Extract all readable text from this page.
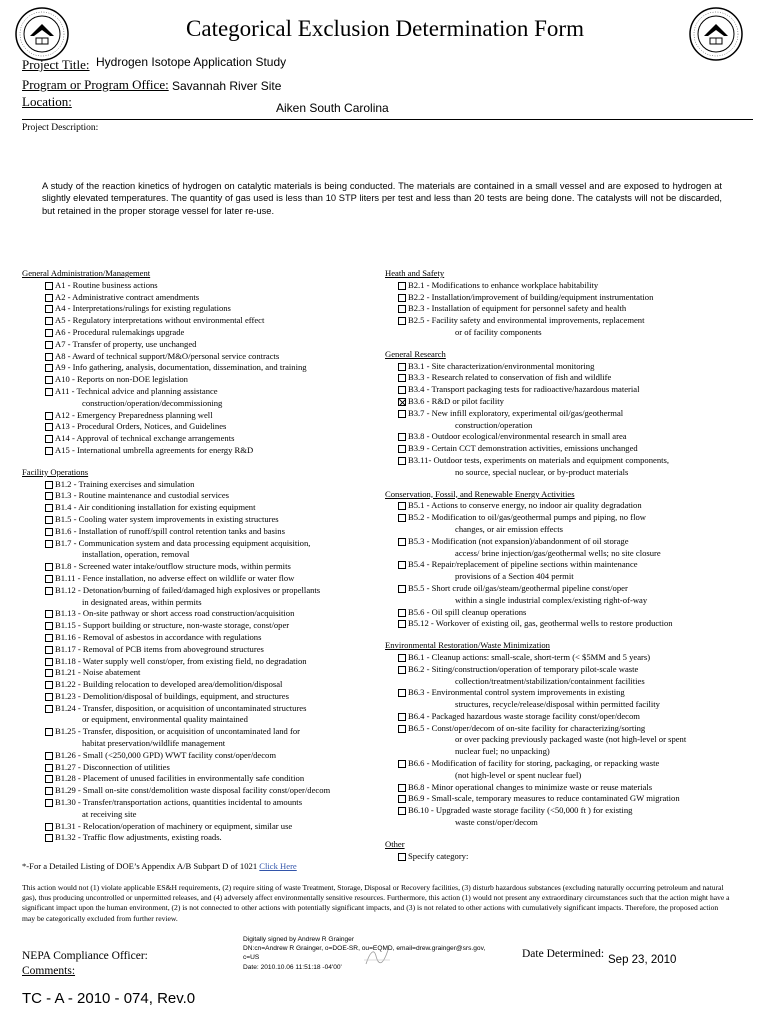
Categorical Exclusion Determination Form
Project Title: Hydrogen Isotope Application Study
Program or Program Office: Savannah River Site
Location:	Aiken South Carolina
Project Description:
A study of the reaction kinetics of hydrogen on catalytic materials is being conducted. The materials are contained in a small vessel and are exposed to hydrogen at slightly elevated temperatures. The quantity of gas used is less than 10 STP liters per test and less than 20 tests are being done. The catalysts will not be discarded, but retained in the proper storage vessel for later re-use.
General Administration/Management
A1 - Routine business actions
A2 - Administrative contract amendments
A4 - Interpretations/rulings for existing regulations
A5 - Regulatory interpretations without environmental effect
A6 - Procedural rulemakings upgrade
A7 - Transfer of property, use unchanged
A8 - Award of technical support/M&O/personal service contracts
A9 - Info gathering, analysis, documentation, dissemination, and training
A10 - Reports on non-DOE legislation
A11 - Technical advice and planning assistance
construction/operation/decommissioning
A12 - Emergency Preparedness planning well
A13 - Procedural Orders, Notices, and Guidelines
A14 - Approval of technical exchange arrangements
A15 - International umbrella agreements for energy R&D
Facility Operations
B1.2 - Training exercises and simulation
B1.3 - Routine maintenance and custodial services
B1.4 - Air conditioning installation for existing equipment
B1.5 - Cooling water system improvements in existing structures
B1.6 - Installation of runoff/spill control retention tanks and basins
B1.7 - Communication system and data processing equipment acquisition,
installation, operation, removal
B1.8 - Screened water intake/outflow structure mods, within permits
B1.11 - Fence installation, no adverse effect on wildlife or water flow
B1.12 - Detonation/burning of failed/damaged high explosives or propellants
in designated areas, within permits
B1.13 - On-site pathway or short access road construction/acquisition
B1.15 - Support building or structure, non-waste storage, const/oper
B1.16 - Removal of asbestos in accordance with regulations
B1.17 - Removal of PCB items from aboveground structures
B1.18 - Water supply well const/oper, from existing field, no degradation
B1.21 - Noise abatement
B1.22 - Building relocation to developed area/demolition/disposal
B1.23 - Demolition/disposal of buildings, equipment, and structures
B1.24 - Transfer, disposition, or acquisition of uncontaminated structures
or equipment, environmental quality maintained
B1.25 - Transfer, disposition, or acquisition of uncontaminated land for
habitat preservation/wildlife management
B1.26 - Small (<250,000 GPD) WWT facility const/oper/decom
B1.27 - Disconnection of utilities
B1.28 - Placement of unused facilities in environmentally safe condition
B1.29 - Small on-site const/demolition waste disposal facility const/oper/decom
B1.30 - Transfer/transportation actions, quantities incidental to amounts
at receiving site
B1.31 - Relocation/operation of machinery or equipment, similar use
B1.32 - Traffic flow adjustments, existing roads.
Heath and Safety
B2.1 - Modifications to enhance workplace habitability
B2.2 - Installation/improvement of building/equipment instrumentation
B2.3 - Installation of equipment for personnel safety and health
B2.5 - Facility safety and environmental improvements, replacement
or of facility components
General Research
B3.1 - Site characterization/environmental monitoring
B3.3 - Research related to conservation of fish and wildlife
B3.4 - Transport packaging tests for radioactive/hazardous material
B3.6 - R&D or pilot facility
B3.7 - New infill exploratory, experimental oil/gas/geothermal
construction/operation
B3.8 - Outdoor ecological/environmental research in small area
B3.9 - Certain CCT demonstration activities, emissions unchanged
B3.11- Outdoor tests, experiments on materials and equipment components,
no source, special nuclear, or by-product materials
Conservation, Fossil, and Renewable Energy Activities
B5.1 - Actions to conserve energy, no indoor air quality degradation
B5.2 - Modification to oil/gas/geothermal pumps and piping, no flow
changes, or air emission effects
B5.3 - Modification (not expansion)/abandonment of oil storage
access/ brine injection/gas/geothermal wells; no site closure
B5.4 - Repair/replacement of pipeline sections within maintenance
provisions of a Section 404 permit
B5.5 - Short crude oil/gas/steam/geothermal pipeline const/oper
within a single industrial complex/existing right-of-way
B5.6 - Oil spill cleanup operations
B5.12 - Workover of existing oil, gas, geothermal wells to restore production
Environmental Restoration/Waste Minimization
B6.1 - Cleanup actions: small-scale, short-term (< $5MM and 5 years)
B6.2 - Siting/construction/operation of temporary pilot-scale waste
collection/treatment/stabilization/containment facilities
B6.3 - Environmental control system improvements in existing
structures, recycle/release/disposal within permitted facility
B6.4 - Packaged hazardous waste storage facility const/oper/decom
B6.5 - Const/oper/decom of on-site facility for characterizing/sorting
or over packing previously packaged waste (not high-level or spent
nuclear fuel; no unpacking)
B6.6 - Modification of facility for storing, packaging, or repacking waste
(not high-level or spent nuclear fuel)
B6.8 - Minor operational changes to minimize waste or reuse materials
B6.9 - Small-scale, temporary measures to reduce contaminated GW migration
B6.10 - Upgraded waste storage facility (<50,000 ft ) for existing
waste const/oper/decom
Other
Specify category:
*-For a Detailed Listing of DOE’s Appendix A/B Subpart D of 1021 Click Here
This action would not (1) violate applicable ES&H requirements, (2) require siting of waste Treatment, Storage, Disposal or Recovery facilities, (3) disturb hazardous substances (excluding naturally occurring petroleum and natural gas), thus producing uncontrolled or unpermitted releases, and (4) adversely affect environmentally sensitive resources. Furthermore, this action (1) would not present any extraordinary circumstances such that the action might have a significant impact upon the human environment, (2) is not connected to other actions with potentially significant impacts, and (3) is not related to other actions with cumulatively significant impacts. Therefore, the proposed action may be categorically excluded from further review.
NEPA Compliance Officer:
Comments:
Digitally signed by Andrew R Grainger
DN:cn=Andrew R Grainger, o=DOE-SR, ou=EQMD, email=drew.grainger@srs.gov,
c=US
Date: 2010.10.06 11:51:18 -04'00'
Date Determined: Sep 23, 2010
TC - A - 2010 - 074, Rev.0
